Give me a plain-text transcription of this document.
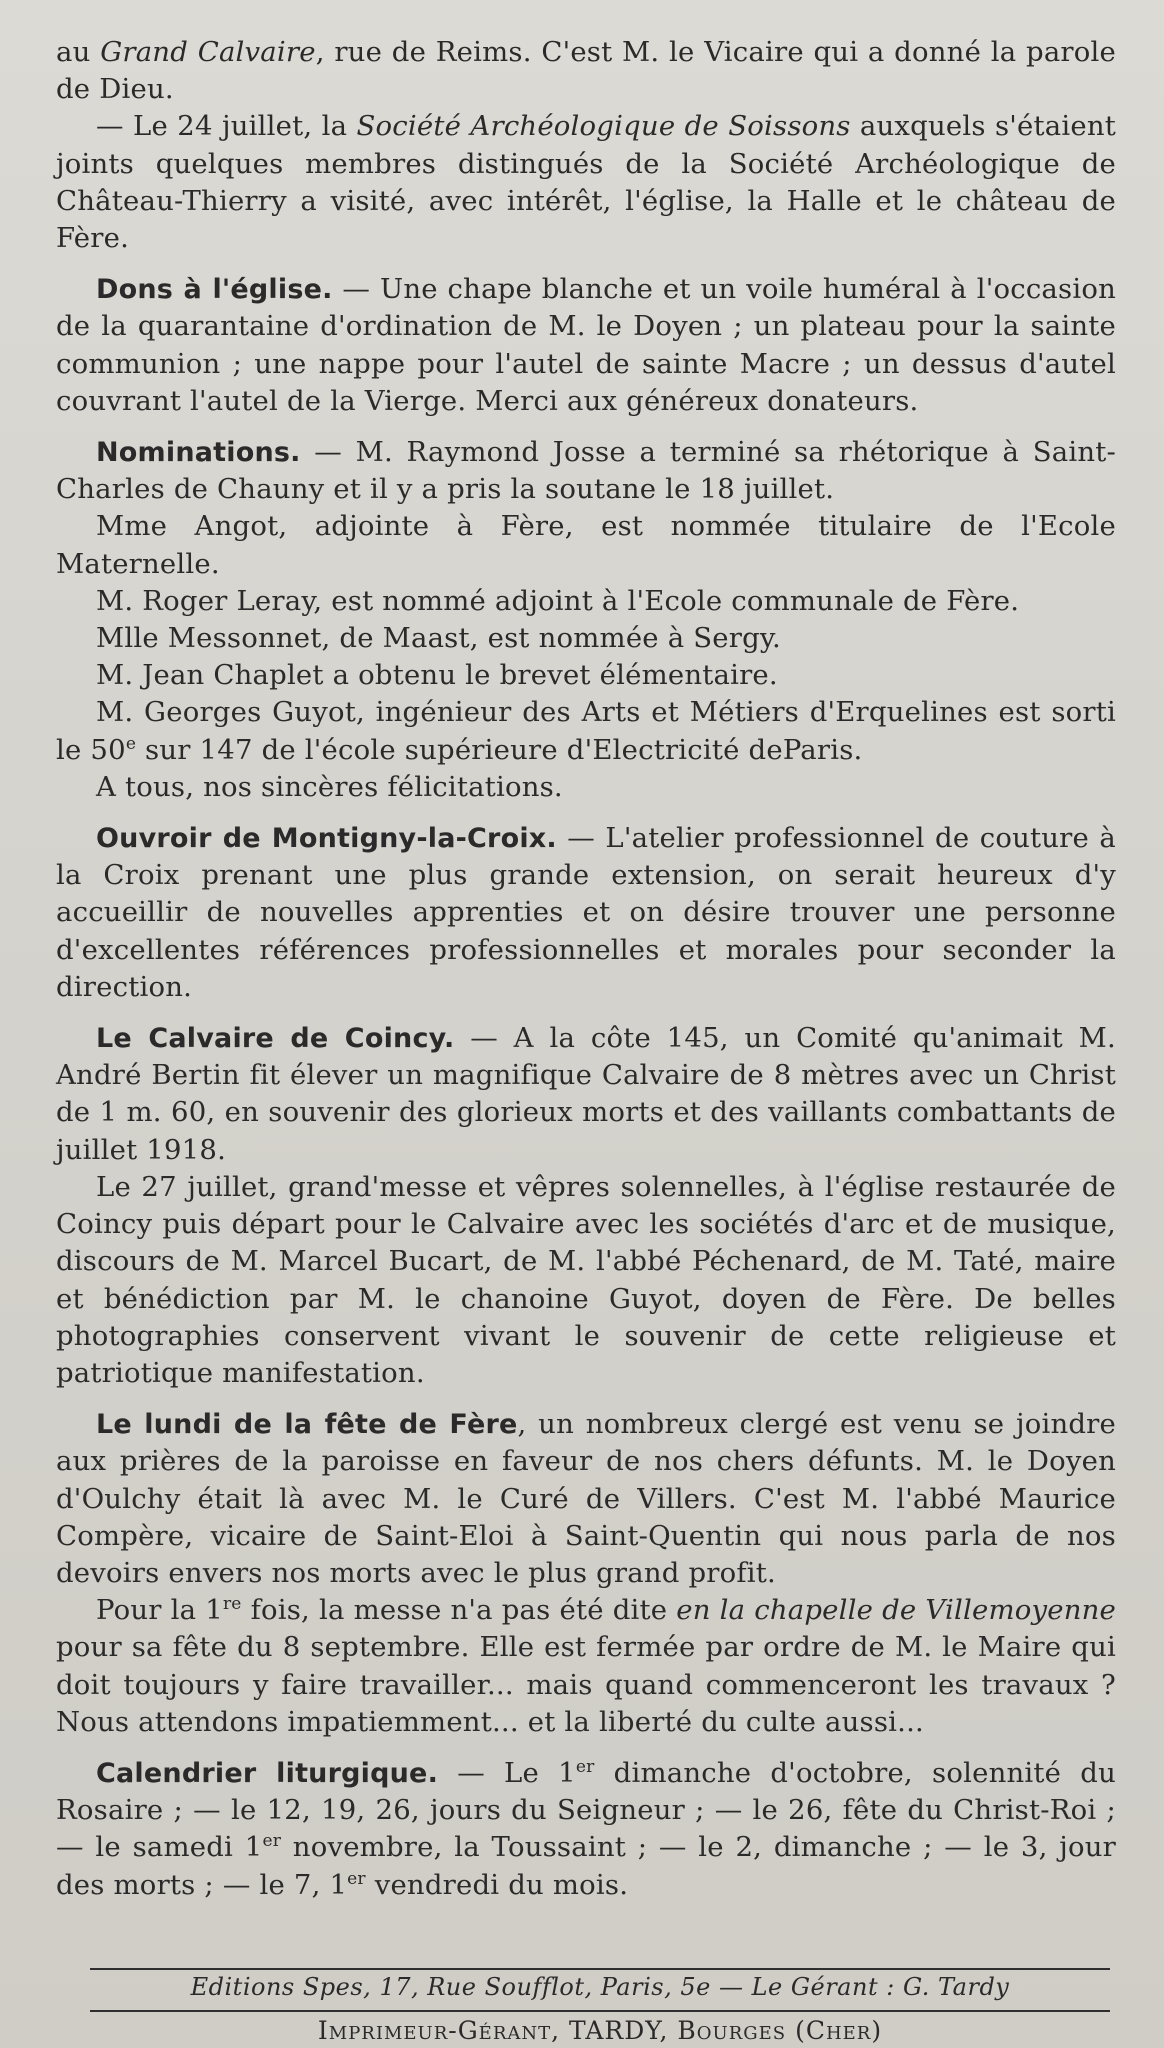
au Grand Calvaire, rue de Reims. C'est M. le Vicaire qui a donné la parole de Dieu.

— Le 24 juillet, la Société Archéologique de Soissons auxquels s'étaient joints quelques membres distingués de la Société Archéologique de Château-Thierry a visité, avec intérêt, l'église, la Halle et le château de Fère.

Dons à l'église. — Une chape blanche et un voile huméral à l'occasion de la quarantaine d'ordination de M. le Doyen ; un plateau pour la sainte communion ; une nappe pour l'autel de sainte Macre ; un dessus d'autel couvrant l'autel de la Vierge. Merci aux généreux donateurs.

Nominations. — M. Raymond Josse a terminé sa rhétorique à Saint-Charles de Chauny et il y a pris la soutane le 18 juillet.

Mme Angot, adjointe à Fère, est nommée titulaire de l'Ecole Maternelle.

M. Roger Leray, est nommé adjoint à l'Ecole communale de Fère.

Mlle Messonnet, de Maast, est nommée à Sergy.

M. Jean Chaplet a obtenu le brevet élémentaire.

M. Georges Guyot, ingénieur des Arts et Métiers d'Erquelines est sorti le 50e sur 147 de l'école supérieure d'Electricité deParis.

A tous, nos sincères félicitations.

Ouvroir de Montigny-la-Croix. — L'atelier professionnel de couture à la Croix prenant une plus grande extension, on serait heureux d'y accueillir de nouvelles apprenties et on désire trouver une personne d'excellentes références professionnelles et morales pour seconder la direction.

Le Calvaire de Coincy. — A la côte 145, un Comité qu'animait M. André Bertin fit élever un magnifique Calvaire de 8 mètres avec un Christ de 1 m. 60, en souvenir des glorieux morts et des vaillants combattants de juillet 1918.

Le 27 juillet, grand'messe et vêpres solennelles, à l'église restaurée de Coincy puis départ pour le Calvaire avec les sociétés d'arc et de musique, discours de M. Marcel Bucart, de M. l'abbé Péchenard, de M. Taté, maire et bénédiction par M. le chanoine Guyot, doyen de Fère. De belles photographies conservent vivant le souvenir de cette religieuse et patriotique manifestation.

Le lundi de la fête de Fère, un nombreux clergé est venu se joindre aux prières de la paroisse en faveur de nos chers défunts. M. le Doyen d'Oulchy était là avec M. le Curé de Villers. C'est M. l'abbé Maurice Compère, vicaire de Saint-Eloi à Saint-Quentin qui nous parla de nos devoirs envers nos morts avec le plus grand profit.

Pour la 1re fois, la messe n'a pas été dite en la chapelle de Villemoyenne pour sa fête du 8 septembre. Elle est fermée par ordre de M. le Maire qui doit toujours y faire travailler... mais quand commenceront les travaux ? Nous attendons impatiemment... et la liberté du culte aussi...

Calendrier liturgique. — Le 1er dimanche d'octobre, solennité du Rosaire ; — le 12, 19, 26, jours du Seigneur ; — le 26, fête du Christ-Roi ; — le samedi 1er novembre, la Toussaint ; — le 2, dimanche ; — le 3, jour des morts ; — le 7, 1er vendredi du mois.

Editions Spes, 17, Rue Soufflot, Paris, 5e — Le Gérant : G. Tardy
Imprimeur-Gérant, TARDY, Bourges (Cher)
